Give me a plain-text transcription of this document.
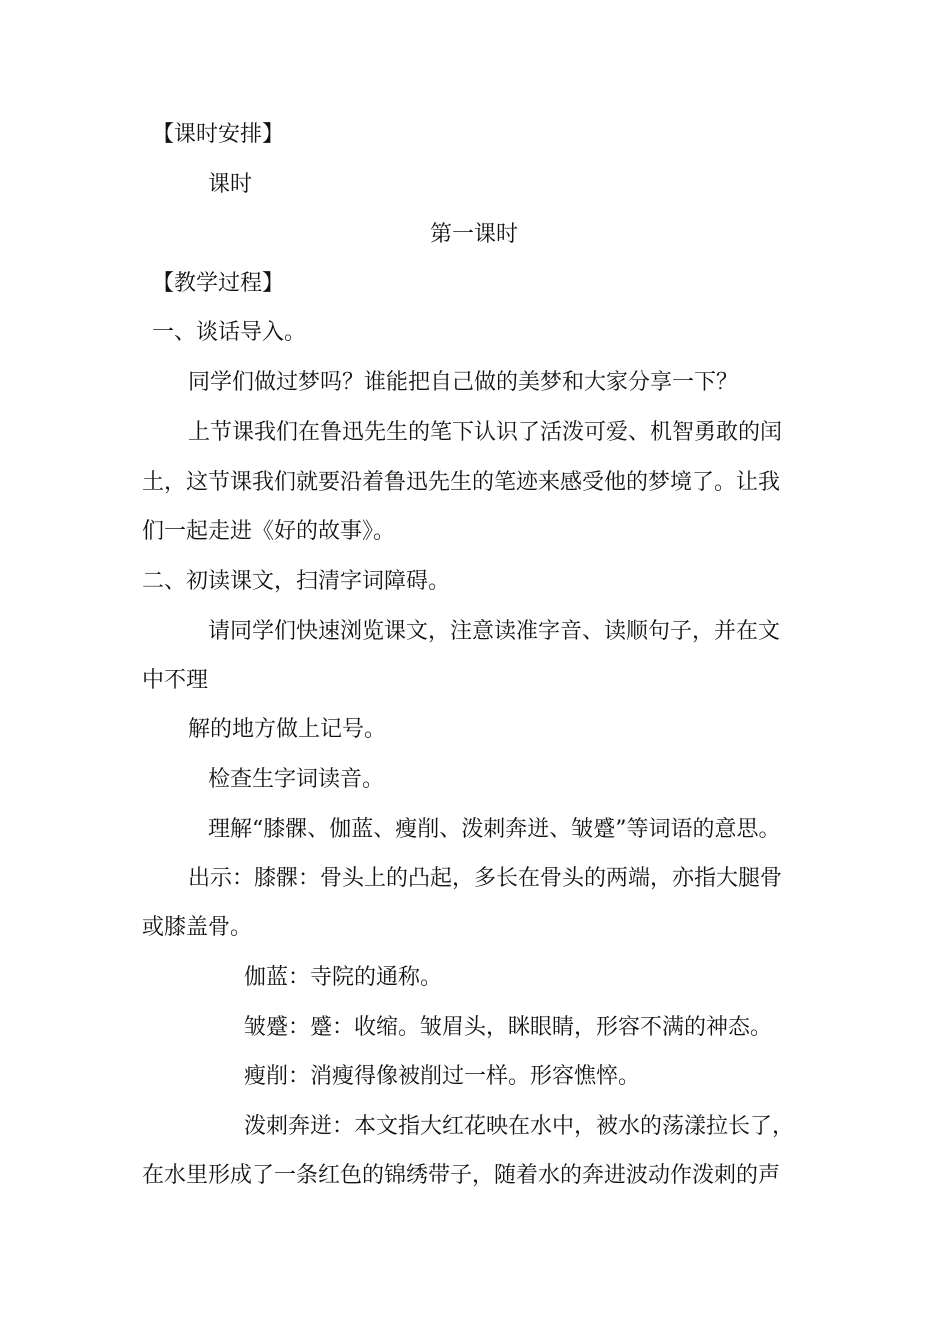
【课时安排】
课时
第一课时
【教学过程】
一、谈话导入。
同学们做过梦吗？谁能把自己做的美梦和大家分享一下？
上节课我们在鲁迅先生的笔下认识了活泼可爱、机智勇敢的闰
土，这节课我们就要沿着鲁迅先生的笔迹来感受他的梦境了。让我
们一起走进《好的故事》。
二、初读课文，扫清字词障碍。
请同学们快速浏览课文，注意读准字音、读顺句子，并在文
中不理
解的地方做上记号。
检查生字词读音。
理解“膝髁、伽蓝、瘦削、泼刺奔迸、皱蹙”等词语的意思。
出示：膝髁：骨头上的凸起，多长在骨头的两端，亦指大腿骨
或膝盖骨。
伽蓝：寺院的通称。
皱蹙：蹙：收缩。皱眉头，眯眼睛，形容不满的神态。
瘦削：消瘦得像被削过一样。形容憔悴。
泼刺奔迸：本文指大红花映在水中，被水的荡漾拉长了，
在水里形成了一条红色的锦绣带子，随着水的奔进波动作泼刺的声
